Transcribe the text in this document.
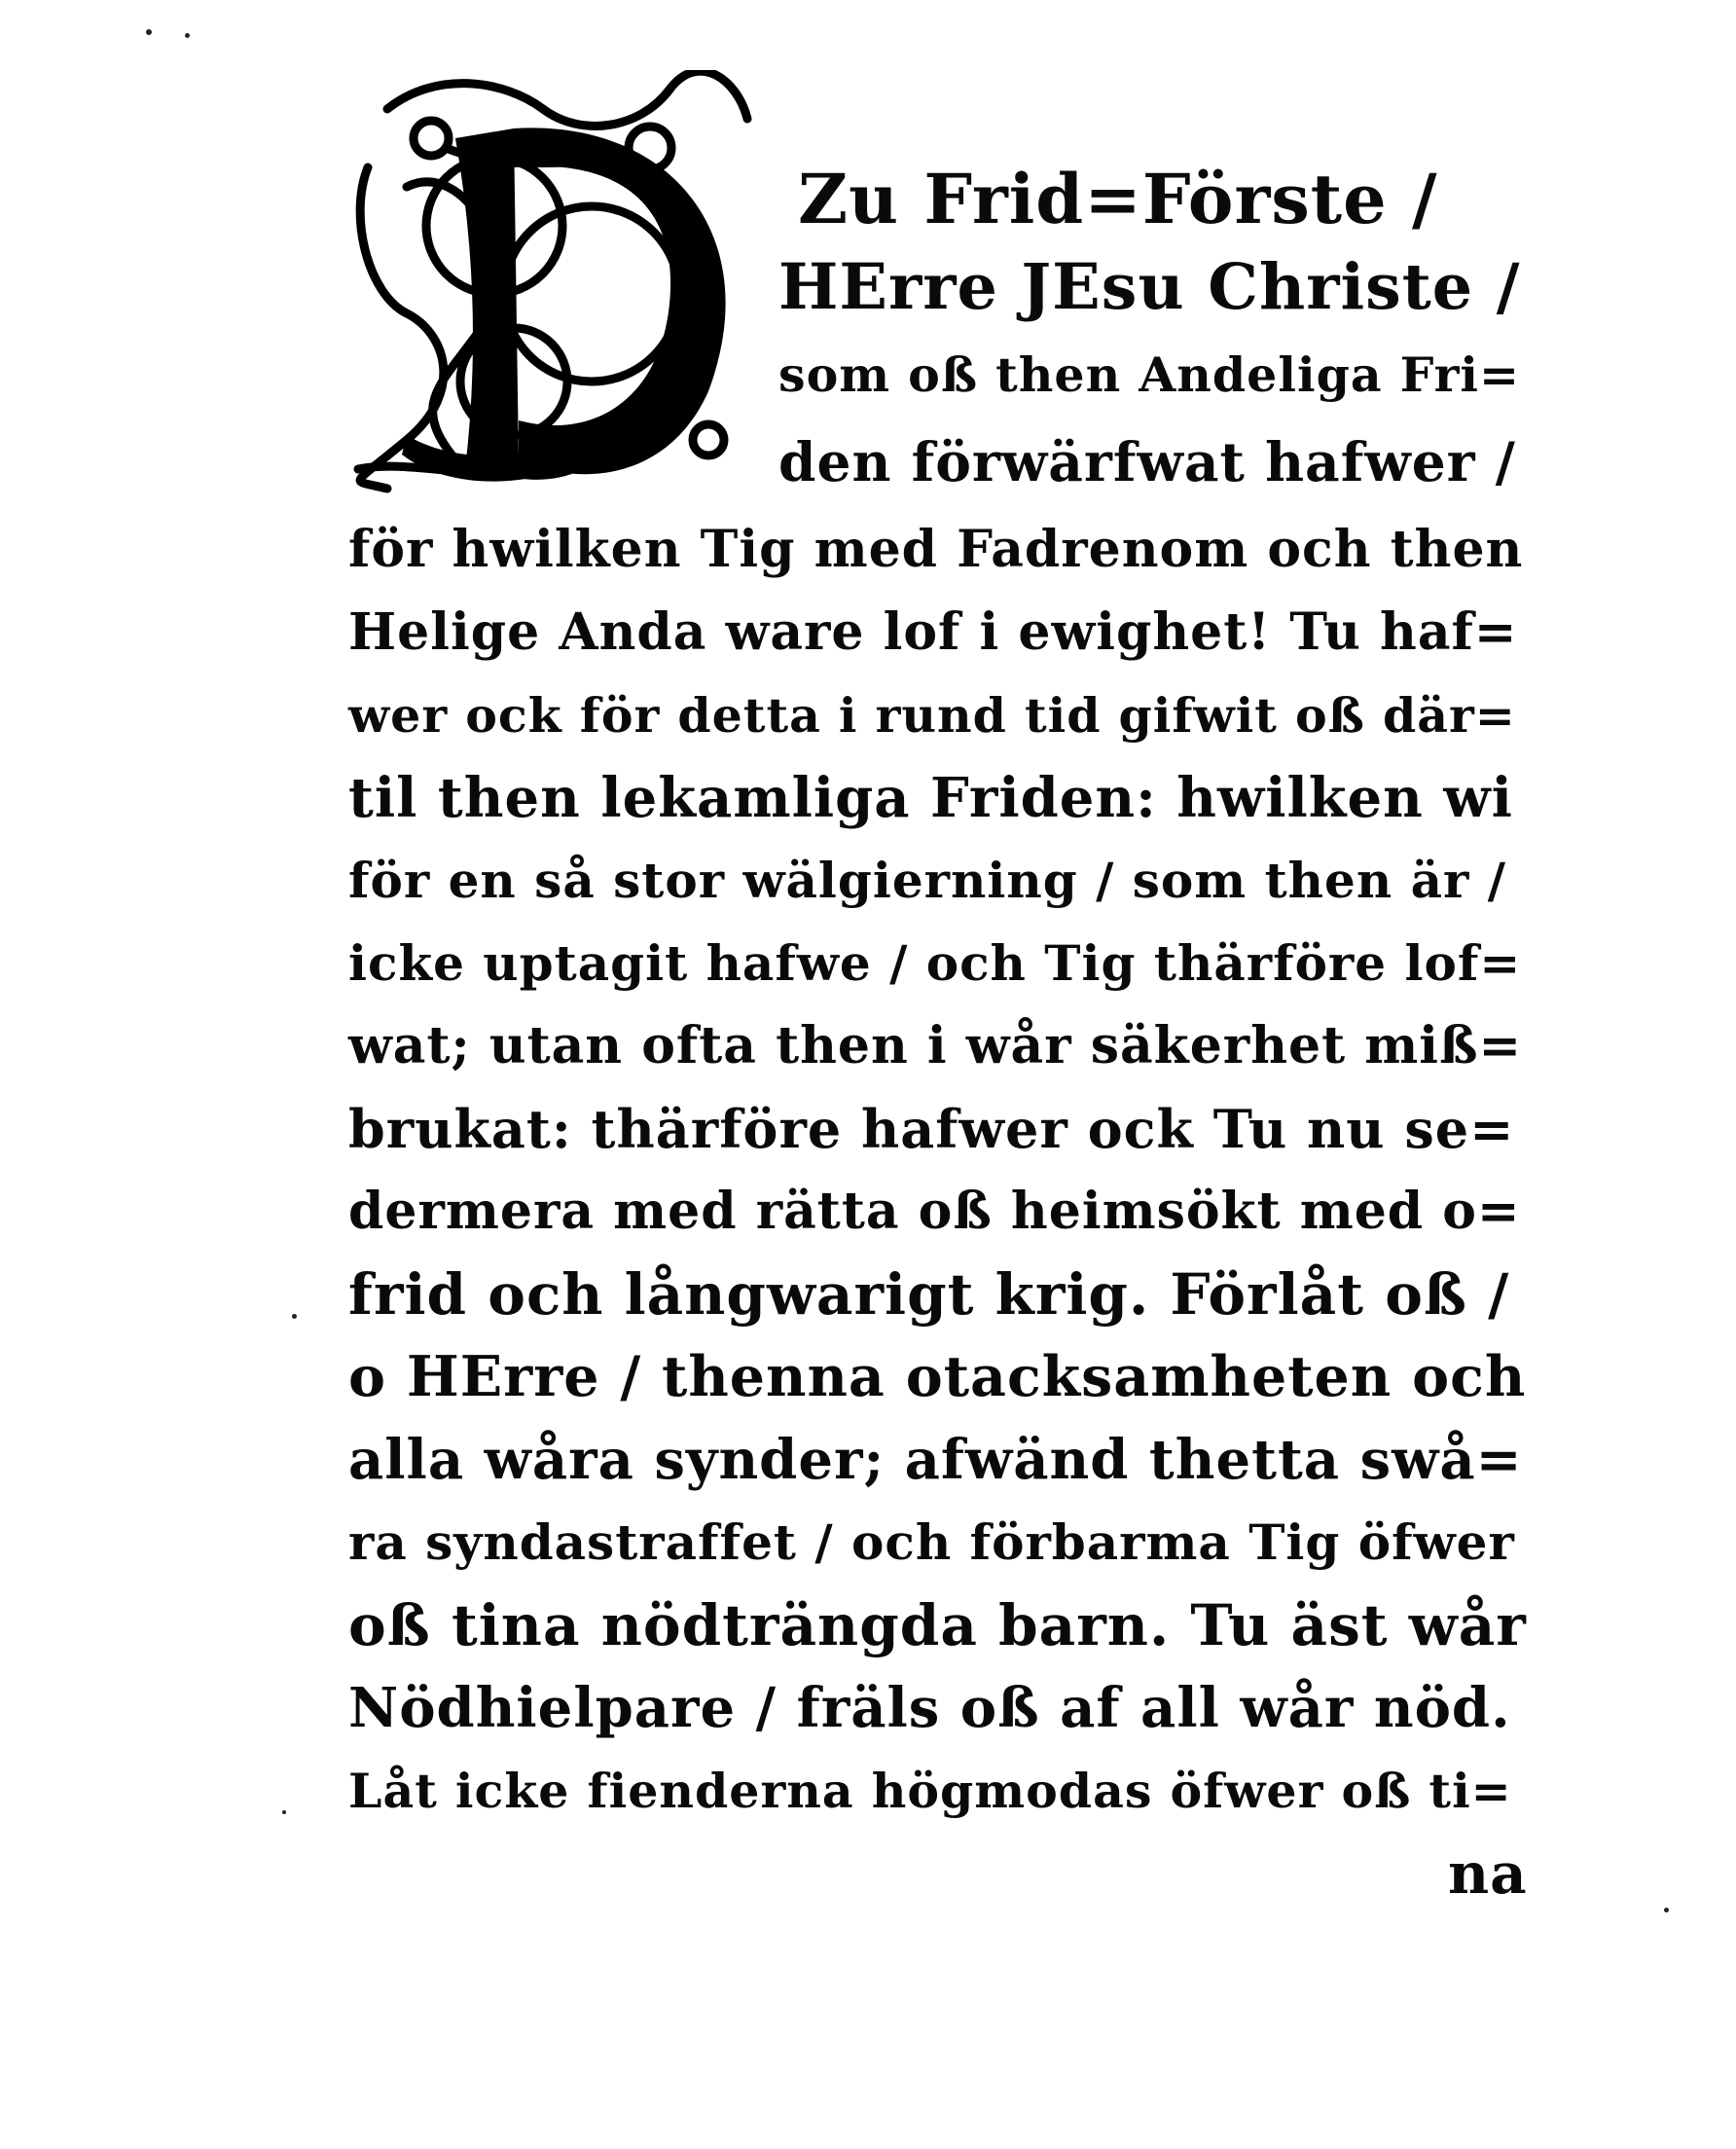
Zu Frid=Förste /
HErre JEsu Christe /
som oß then Andeliga Fri=
den förwärfwat hafwer /
för hwilken Tig med Fadrenom och then
Helige Anda ware lof i ewighet! Tu haf=
wer ock för detta i rund tid gifwit oß där=
til then lekamliga Friden: hwilken wi
för en så stor wälgierning / som then är /
icke uptagit hafwe / och Tig thärföre lof=
wat; utan ofta then i wår säkerhet miß=
brukat: thärföre hafwer ock Tu nu se=
dermera med rätta oß heimsökt med o=
frid och långwarigt krig. Förlåt oß /
o HErre / thenna otacksamheten och
alla wåra synder; afwänd thetta swå=
ra syndastraffet / och förbarma Tig öfwer
oß tina nödträngda barn. Tu äst wår
Nödhielpare / fräls oß af all wår nöd.
Låt icke fienderna högmodas öfwer oß ti=
na
